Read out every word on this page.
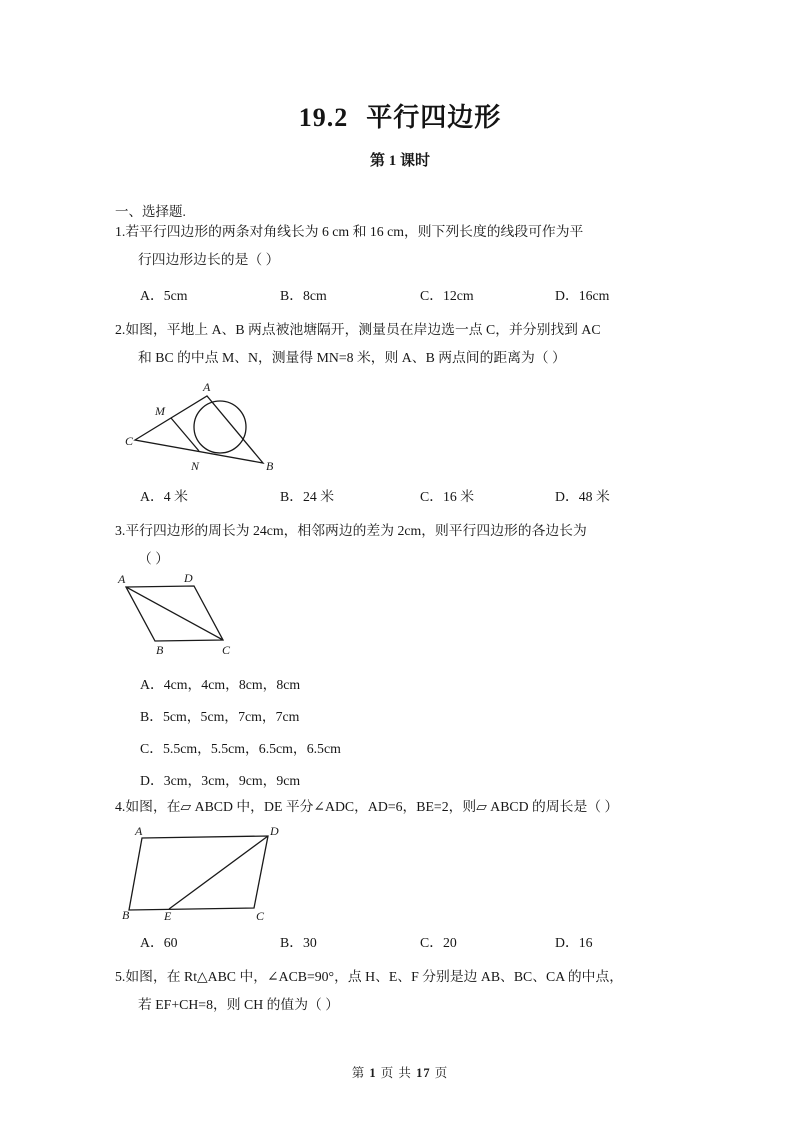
19.2 平行四边形
第 1 课时
一、选择题.
1.若平行四边形的两条对角线长为 6 cm 和 16 cm，则下列长度的线段可作为平
行四边形边长的是（ ）
A．5cm	B．8cm	C．12cm	D．16cm
2.如图，平地上 A、B 两点被池塘隔开，测量员在岸边选一点 C，并分别找到 AC
和 BC 的中点 M、N，测量得 MN=8 米，则 A、B 两点间的距离为（ ）
A
M
C
N	B
A．4 米	B．24 米	C．16 米	D．48 米
3.平行四边形的周长为 24cm，相邻两边的差为 2cm，则平行四边形的各边长为
（ ）
A	D
B	C
A．4cm，4cm，8cm，8cm
B．5cm，5cm，7cm，7cm
C．5.5cm，5.5cm，6.5cm，6.5cm
D．3cm，3cm，9cm，9cm
4.如图，在▱ ABCD 中，DE 平分∠ADC，AD=6，BE=2，则▱ ABCD 的周长是（ ）
A	D
B	E	C
A．60	B．30	C．20	D．16
5.如图，在 Rt△ABC 中，∠ACB=90°，点 H、E、F 分别是边 AB、BC、CA 的中点，
若 EF+CH=8，则 CH 的值为（ ）
第 1 页 共 17 页
